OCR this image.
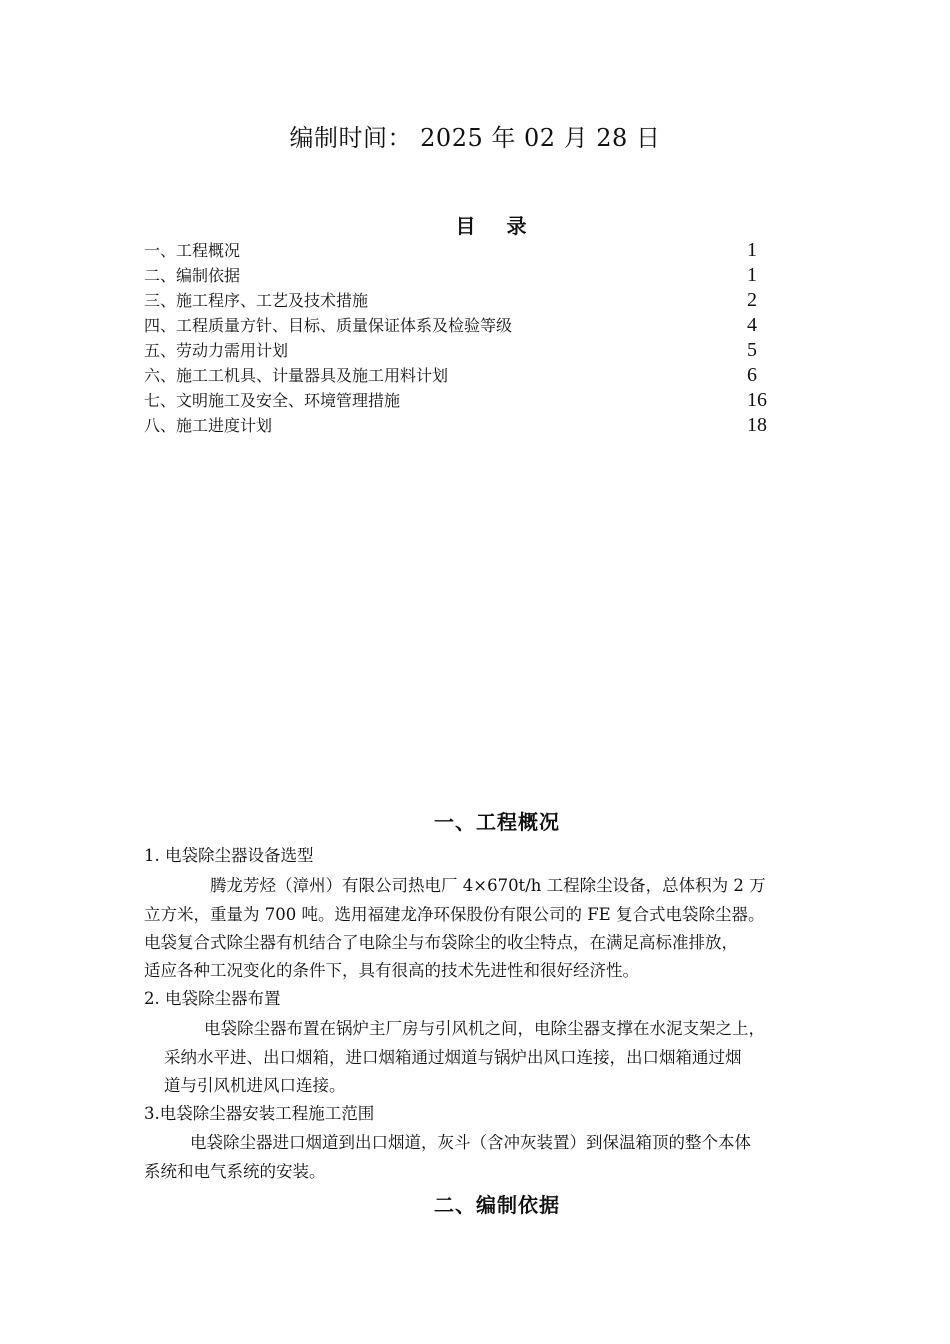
编制时间： 2025 年 02 月 28 日
目 录
一、工程概况	1
二、编制依据	1
三、施工程序、工艺及技术措施	2
四、工程质量方针、目标、质量保证体系及检验等级	4
五、劳动力需用计划	5
六、施工工机具、计量器具及施工用料计划	6
七、文明施工及安全、环境管理措施	16
八、施工进度计划	18
一、工程概况
1. 电袋除尘器设备选型
腾龙芳烃（漳州）有限公司热电厂 4×670t/h 工程除尘设备，总体积为 2 万
立方米，重量为 700 吨。选用福建龙净环保股份有限公司的 FE 复合式电袋除尘器。
电袋复合式除尘器有机结合了电除尘与布袋除尘的收尘特点，在满足高标准排放，
适应各种工况变化的条件下，具有很高的技术先进性和很好经济性。
2. 电袋除尘器布置
电袋除尘器布置在锅炉主厂房与引风机之间，电除尘器支撑在水泥支架之上，
采纳水平进、出口烟箱，进口烟箱通过烟道与锅炉出风口连接，出口烟箱通过烟
道与引风机进风口连接。
3.电袋除尘器安装工程施工范围
电袋除尘器进口烟道到出口烟道，灰斗（含冲灰装置）到保温箱顶的整个本体
系统和电气系统的安装。
二、编制依据
